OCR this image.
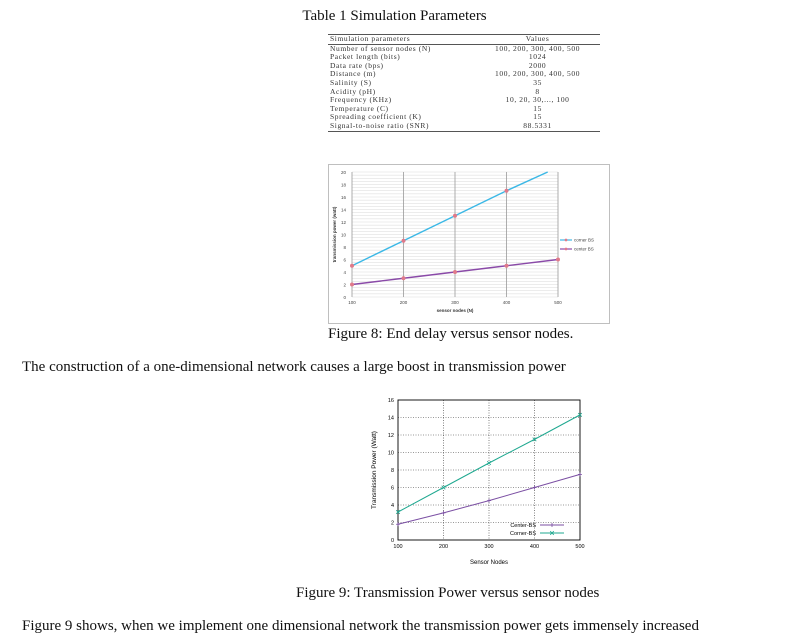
Table 1 Simulation Parameters
Simulation parameters	Values
Number of sensor nodes (N)	100, 200, 300, 400, 500
Packet length (bits)	1024
Data rate (bps)	2000
Distance (m)	100, 200, 300, 400, 500
Salinity (S)	35
Acidity (pH)	8
Frequency (KHz)	10, 20, 30,..., 100
Temperature (C)	15
Spreading coefficient (K)	15
Signal-to-noise ratio (SNR)	88.5331
0
2
4
6
8
10
12
14
16
18
20
100	200	300	400	500
sensor nodes (N)
transmission power (watt)	corner BS
center BS
Figure 8: End delay versus sensor nodes.
The construction of a one-dimensional network causes a large boost in transmission power
0
2
4
6
8
10
12
14
16
100	200	300	400	500
Sensor Nodes
Transmission Power (Watt)
Center-BS
Corner-BS
Figure 9: Transmission Power versus sensor nodes
Figure 9 shows, when we implement one dimensional network the transmission power gets immensely increased
